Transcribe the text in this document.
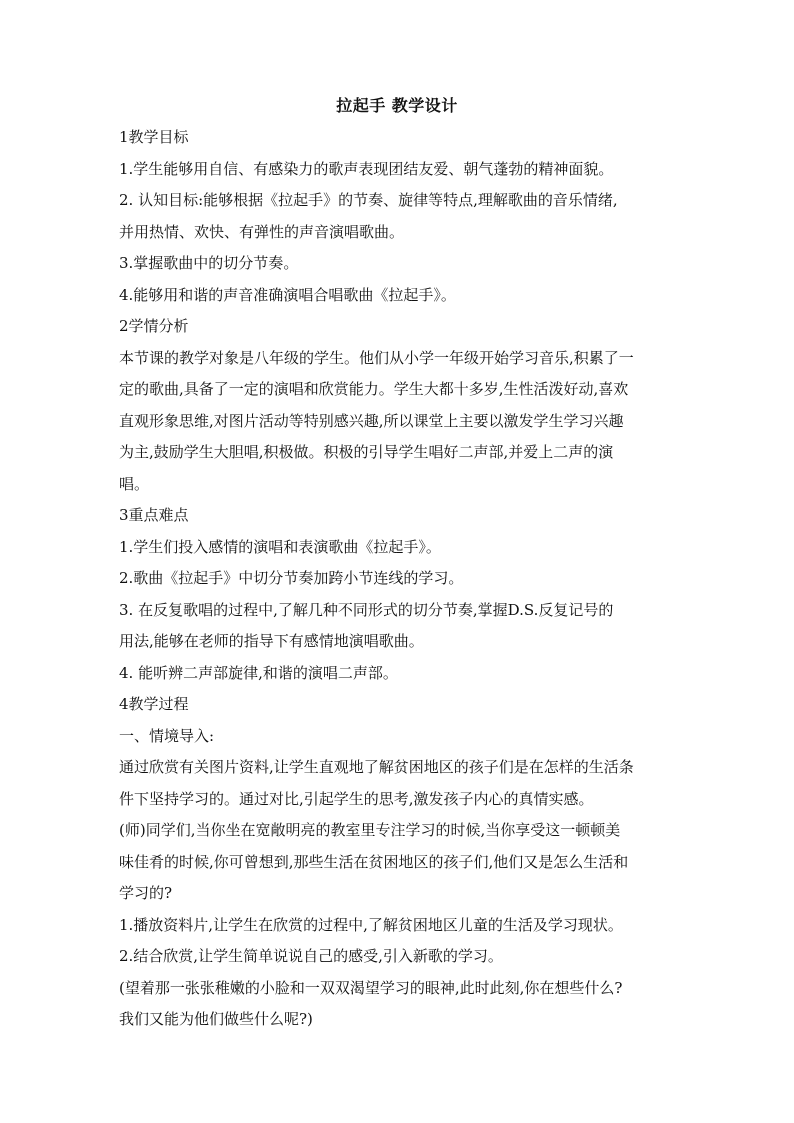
拉起手 教学设计
1教学目标
1.学生能够用自信、有感染力的歌声表现团结友爱、朝气蓬勃的精神面貌。
2. 认知目标:能够根据《拉起手》的节奏、旋律等特点,理解歌曲的音乐情绪,
并用热情、欢快、有弹性的声音演唱歌曲。
3.掌握歌曲中的切分节奏。
4.能够用和谐的声音准确演唱合唱歌曲《拉起手》。
2学情分析
本节课的教学对象是八年级的学生。他们从小学一年级开始学习音乐,积累了一
定的歌曲,具备了一定的演唱和欣赏能力。学生大都十多岁,生性活泼好动,喜欢
直观形象思维,对图片活动等特别感兴趣,所以课堂上主要以激发学生学习兴趣
为主,鼓励学生大胆唱,积极做。积极的引导学生唱好二声部,并爱上二声的演
唱。
3重点难点
1.学生们投入感情的演唱和表演歌曲《拉起手》。
2.歌曲《拉起手》中切分节奏加跨小节连线的学习。
3. 在反复歌唱的过程中,了解几种不同形式的切分节奏,掌握D.S.反复记号的
用法,能够在老师的指导下有感情地演唱歌曲。
4. 能听辨二声部旋律,和谐的演唱二声部。
4教学过程
一、情境导入:
通过欣赏有关图片资料,让学生直观地了解贫困地区的孩子们是在怎样的生活条
件下坚持学习的。通过对比,引起学生的思考,激发孩子内心的真情实感。
(师)同学们,当你坐在宽敞明亮的教室里专注学习的时候,当你享受这一顿顿美
味佳肴的时候,你可曾想到,那些生活在贫困地区的孩子们,他们又是怎么生活和
学习的?
1.播放资料片,让学生在欣赏的过程中,了解贫困地区儿童的生活及学习现状。
2.结合欣赏,让学生简单说说自己的感受,引入新歌的学习。
(望着那一张张稚嫩的小脸和一双双渴望学习的眼神,此时此刻,你在想些什么?
我们又能为他们做些什么呢?)
